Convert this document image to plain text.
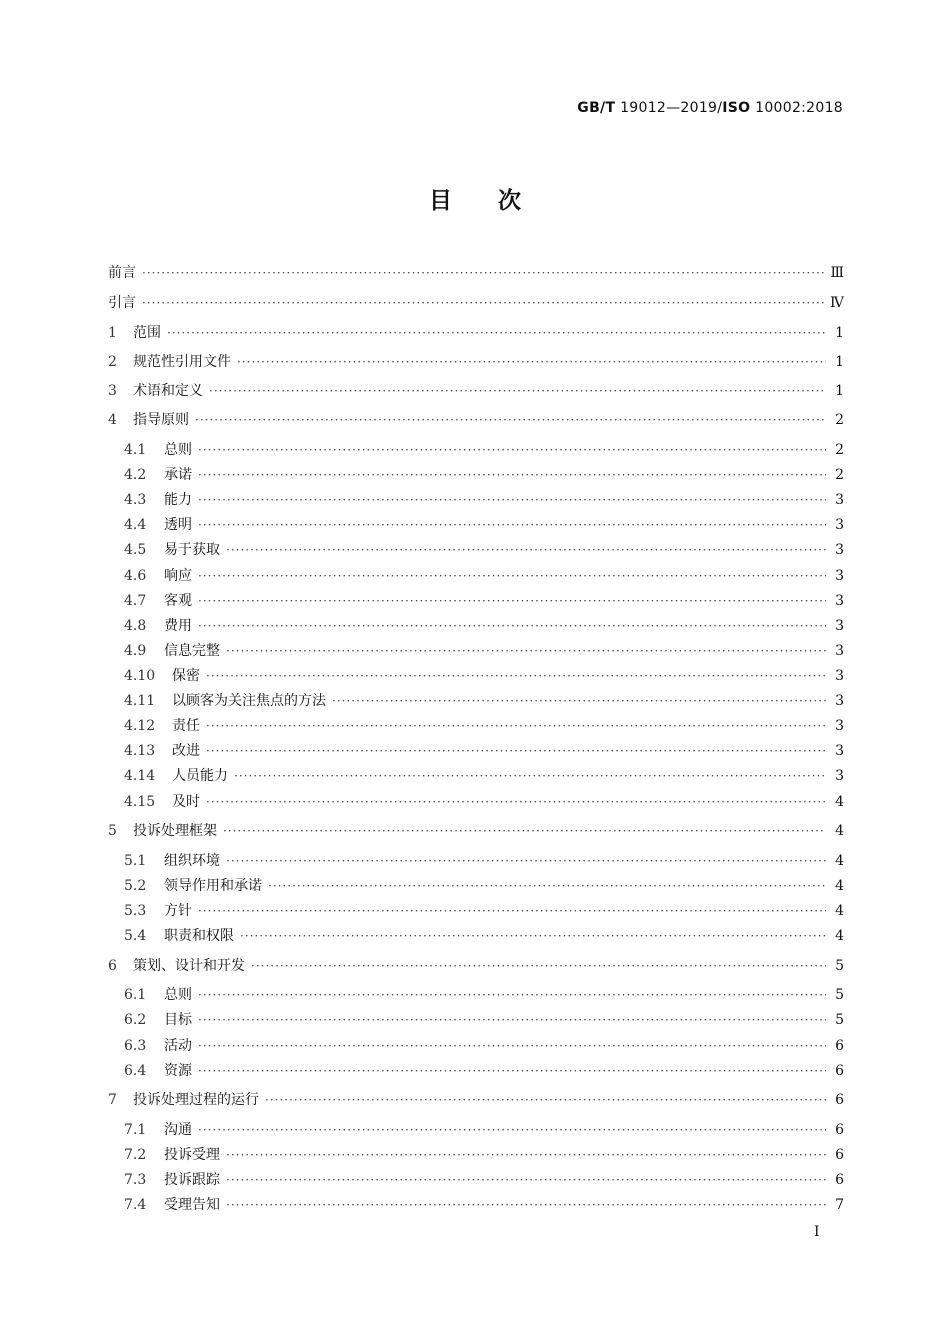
GB/T 19012—2019/ISO 10002:2018
目次
前言 ·····	Ⅲ
引言 ·····	Ⅳ
1	范围 ·····	1
2	规范性引用文件 ·····	1
3	术语和定义 ·····	1
4	指导原则 ·····	2
4.1	总则 ·····	2
4.2	承诺 ·····	2
4.3	能力 ·····	3
4.4	透明 ·····	3
4.5	易于获取 ·····	3
4.6	响应 ·····	3
4.7	客观 ·····	3
4.8	费用 ·····	3
4.9	信息完整 ·····	3
4.10	保密 ·····	3
4.11	以顾客为关注焦点的方法 ·····	3
4.12	责任 ·····	3
4.13	改进 ·····	3
4.14	人员能力 ·····	3
4.15	及时 ·····	4
5	投诉处理框架 ·····	4
5.1	组织环境 ·····	4
5.2	领导作用和承诺 ·····	4
5.3	方针 ·····	4
5.4	职责和权限 ·····	4
6	策划、设计和开发 ·····	5
6.1	总则 ·····	5
6.2	目标 ·····	5
6.3	活动 ·····	6
6.4	资源 ·····	6
7	投诉处理过程的运行 ·····	6
7.1	沟通 ·····	6
7.2	投诉受理 ·····	6
7.3	投诉跟踪 ·····	6
7.4	受理告知 ·····	7
I
